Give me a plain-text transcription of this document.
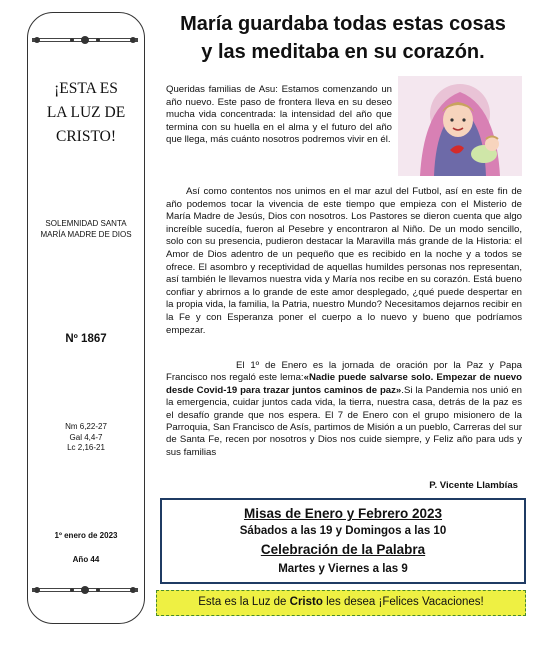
¡ESTA ES
LA LUZ DE
CRISTO!
SOLEMNIDAD SANTA
MARÍA MADRE DE DIOS
Nº 1867
Nm 6,22-27
Gal 4,4-7
Lc 2,16-21
1º enero de 2023
Año 44
María guardaba todas estas cosas
y las meditaba en su corazón.

Queridas familias de Asu: Estamos comenzando un año nuevo. Este paso de frontera lleva en su deseo mucha vida concentrada: la intensidad del año que termina con su huella en el alma y el futuro del año que llega, más cuánto nosotros podremos vivir en él.

Así como contentos nos unimos en el mar azul del Futbol, así en este fin de año podemos tocar la vivencia de este tiempo que empieza con el Misterio de María Madre de Jesús, Dios con nosotros. Los Pastores se dieron cuenta que algo increíble sucedía, fueron al Pesebre y encontraron al Niño. De un modo sencillo, solo con su presencia, pudieron destacar la Maravilla más grande de la Historia: el Amor de Dios adentro de un pequeño que es recibido en la noche y a todos se ofrece. El asombro y receptividad de aquellas humildes personas nos representan, así también le llevamos nuestra vida y María nos recibe en su corazón. Está bueno confiar y abrirnos a lo grande de este amor desplegado, ¿qué puede despertar en la propia vida, la familia, la Patria, nuestro Mundo? Necesitamos dejarnos recibir en la Fe y con Esperanza poner el cuerpo a lo nuevo y bueno que podríamos empezar.

El 1º de Enero es la jornada de oración por la Paz y Papa Francisco nos regaló este lema:«Nadie puede salvarse solo. Empezar de nuevo desde Covid-19 para trazar juntos caminos de paz».Si la Pandemia nos unió en la emergencia, cuidar juntos cada vida, la tierra, nuestra casa, detrás de la paz es el desafío grande que nos espera. El 7 de Enero con el grupo misionero de la Parroquia, San Francisco de Asís, partimos de Misión a un pueblo, Carreras del sur de Santa Fe, recen por nosotros y Dios nos cuide siempre, y Feliz año para uds y sus familias

P. Vicente Llambías
Misas de Enero y Febrero 2023
Sábados a las 19 y Domingos a las 10
Celebración de la Palabra
Martes y Viernes a las 9
Esta es la Luz de Cristo les desea ¡Felices Vacaciones!
